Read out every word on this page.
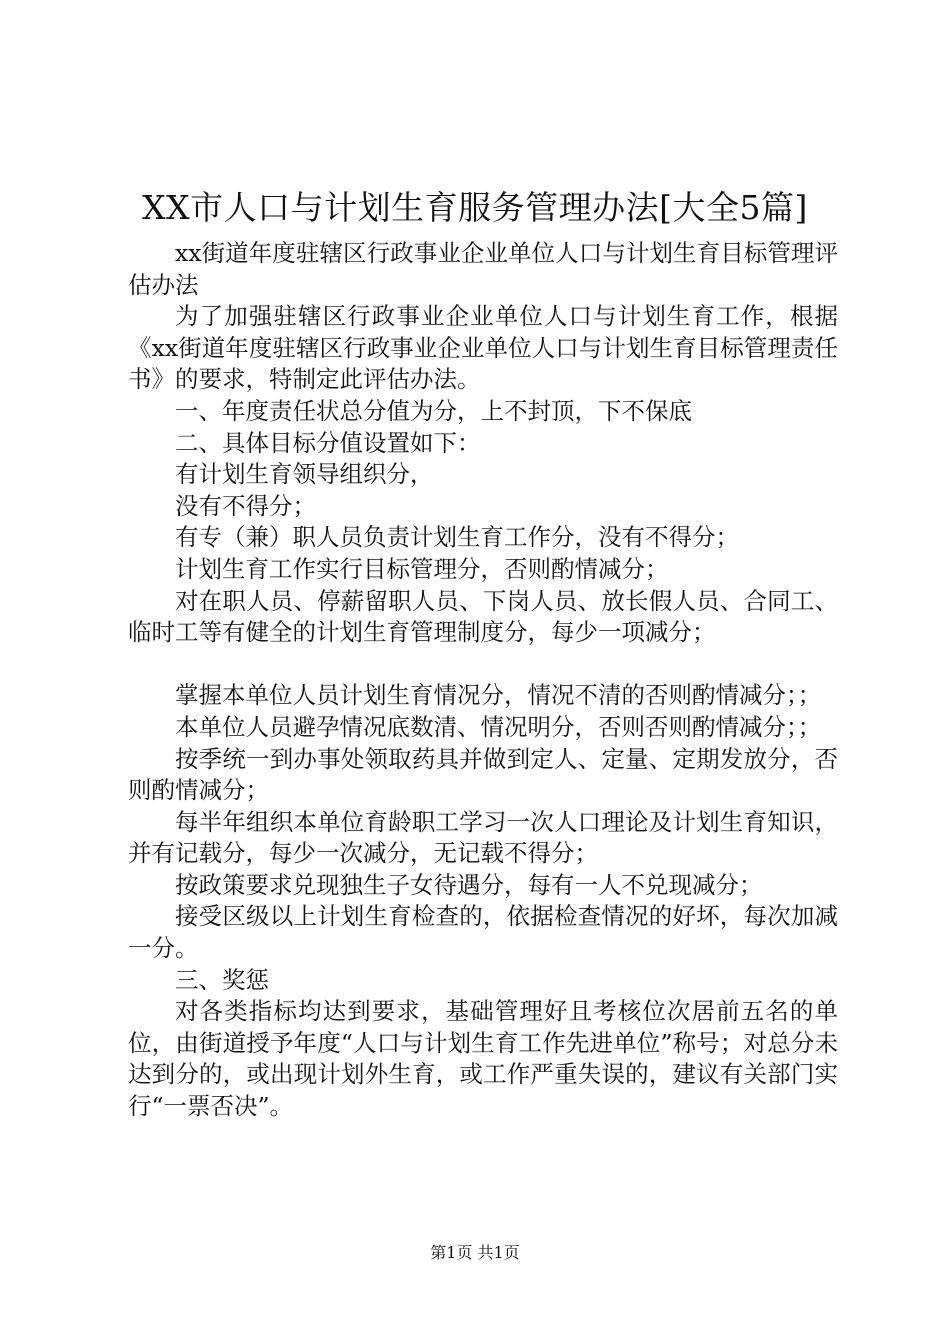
XX市人口与计划生育服务管理办法[大全5篇]

xx街道年度驻辖区行政事业企业单位人口与计划生育目标管理评估办法

为了加强驻辖区行政事业企业单位人口与计划生育工作，根据《xx街道年度驻辖区行政事业企业单位人口与计划生育目标管理责任书》的要求，特制定此评估办法。

一、年度责任状总分值为分，上不封顶，下不保底

二、具体目标分值设置如下：

有计划生育领导组织分，

没有不得分；

有专（兼）职人员负责计划生育工作分，没有不得分；

计划生育工作实行目标管理分，否则酌情减分；

对在职人员、停薪留职人员、下岗人员、放长假人员、合同工、临时工等有健全的计划生育管理制度分，每少一项减分；

掌握本单位人员计划生育情况分，情况不清的否则酌情减分；；

本单位人员避孕情况底数清、情况明分，否则否则酌情减分；；

按季统一到办事处领取药具并做到定人、定量、定期发放分，否则酌情减分；

每半年组织本单位育龄职工学习一次人口理论及计划生育知识，并有记载分，每少一次减分，无记载不得分；

按政策要求兑现独生子女待遇分，每有一人不兑现减分；

接受区级以上计划生育检查的，依据检查情况的好坏，每次加减一分。

三、奖惩

对各类指标均达到要求，基础管理好且考核位次居前五名的单位，由街道授予年度“人口与计划生育工作先进单位”称号；对总分未达到分的，或出现计划外生育，或工作严重失误的，建议有关部门实行“一票否决”。

第1页 共1页
